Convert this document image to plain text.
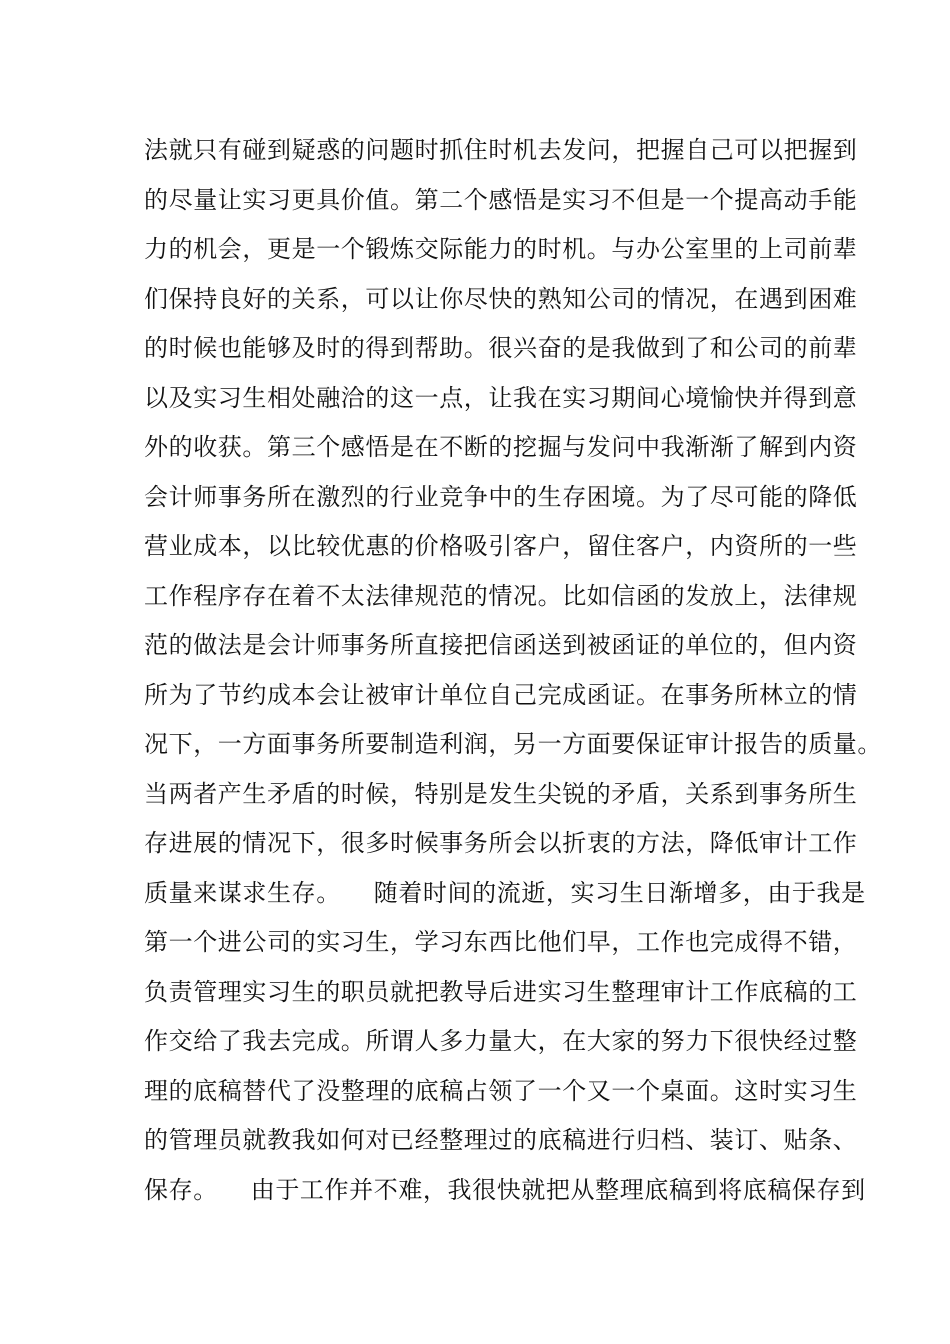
法就只有碰到疑惑的问题时抓住时机去发问，把握自己可以把握到
的尽量让实习更具价值。第二个感悟是实习不但是一个提高动手能
力的机会，更是一个锻炼交际能力的时机。与办公室里的上司前辈
们保持良好的关系，可以让你尽快的熟知公司的情况，在遇到困难
的时候也能够及时的得到帮助。很兴奋的是我做到了和公司的前辈
以及实习生相处融洽的这一点，让我在实习期间心境愉快并得到意
外的收获。第三个感悟是在不断的挖掘与发问中我渐渐了解到内资
会计师事务所在激烈的行业竞争中的生存困境。为了尽可能的降低
营业成本，以比较优惠的价格吸引客户，留住客户，内资所的一些
工作程序存在着不太法律规范的情况。比如信函的发放上，法律规
范的做法是会计师事务所直接把信函送到被函证的单位的，但内资
所为了节约成本会让被审计单位自己完成函证。在事务所林立的情
况下，一方面事务所要制造利润，另一方面要保证审计报告的质量。
当两者产生矛盾的时候，特别是发生尖锐的矛盾，关系到事务所生
存进展的情况下，很多时候事务所会以折衷的方法，降低审计工作
质量来谋求生存。    随着时间的流逝，实习生日渐增多，由于我是
第一个进公司的实习生，学习东西比他们早，工作也完成得不错，
负责管理实习生的职员就把教导后进实习生整理审计工作底稿的工
作交给了我去完成。所谓人多力量大，在大家的努力下很快经过整
理的底稿替代了没整理的底稿占领了一个又一个桌面。这时实习生
的管理员就教我如何对已经整理过的底稿进行归档、装订、贴条、
保存。    由于工作并不难，我很快就把从整理底稿到将底稿保存到
